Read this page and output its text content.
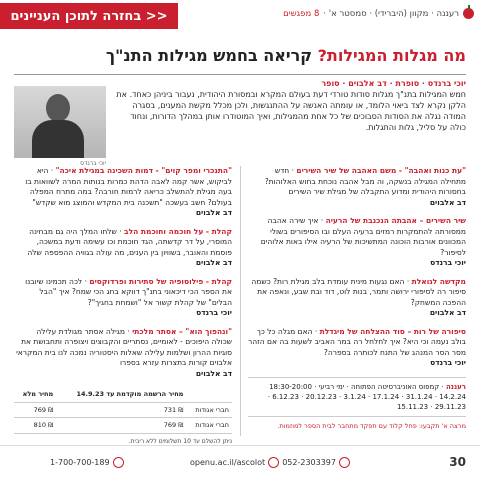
בחזרה לתוכן העניינים >>	רעננה · מקוון (היברידי) · סמסטר א' ·
8 מפגשים
מה מגלות המגילות? קריאה בחמש מגילות התנ"ך
יוכי ברנדס · סופרת · דב אלבוים · סופר
חמש המגילות בתנ"ך מגלות סודות טורדי דעת בעולם המקרא ובמסורת היהודית, נעבור ביניהן כאחד. את הלקן נקרא לצד ביאוי הלומד, או עומתה האנשה על ההתנגשות, ולכן מכלל מקשת המענים, בסגרה המודה נגלה את הסודות הסבוכים של כל אחת מהמגילות, ואיך המוטודרו אותן במהלך הדורות, ונחוד כולה על סליל, גלות והתגלות.
יוכי ברנדס
"עת כנות ואהבה" - משם האהבה של שיר השירים · חדש מתחילה המגילה בנשקה, וה מבל אהבה נוכחת בחוש האלוהות? בחסורות היהודית ומדוע התקבלה של מגילת שיר השירים
דב אלבוים
שיר השירים – אהבתה הנכנבת של הרעיה · איך שירה אהבה ממסורתה להתמקרות רמזים ברעיה העלם ובו הסיפורים בשולי המכוונים אורבות הוכונה המתשיכות של הרעיה אילו באות אלוהים לסיפור?
יוכי ברנדס
מקדשה לגואלת · האם נגעות מינית עומדת בלב מגילת רות? כשמה סיפור רה לסיפורי ירושה ותמר, בנות לוט, דוד ובת שבע, ונאפה את ההפכה המשחק?
דב אלבוים
סיפורה של רות – סוד ההצלחה של מיגדלת · האם מגלה כל כך בולב נעמה וכי היא? איך לחלחל רה במר האביב לשעות בה אם הזהר מסר הסר המנהג של התנח לכותרה בספרה?
יוכי ברנדס
רעננה · קמפוס האוניברסיטה הפתוחה · ימי רביעי · 18:30-20:00
14.2.24 · 31.1.24 · 17.1.24 · 3.1.24 · 20.12.23 · 6.12.23 · 29.11.23 · 15.11.23
מרצה א' תקבעו: פחל קלוד עם תפקד מתחבר לבית הספר למוזמות.
"התנכרי ומפר קוים" - דמות השכינה במגילת איכה" · היא לביקוש, אשר קמה לאבה הדהת כמרות בנותות המרה לשוואות בו בעה מגילת להתשלב כריאה לרמות חורבה? במה מתרח המפלה בעולם? חשב בעשכה "תשכנה בית המקדש והמוצג מוא שקדש"
דב אלבוים
קהלת - על חוכמה וחוכמת הלב · שלחו המלך היה גם מבחינה המוסרי, על דר קדשתה, הגד חוכמת וכו עשימה ודעת במשכה, פוסמת והאובר, בשוויון בין הענים, מה עולה בגוויה ההפספה שלה
דב אלבוים
קהלת - פילוסופיה של סתירות ופרדוקסים · לכה תכמינו שיובנו את הספר הכי דיכאוני בתנ"ך דווקא בחג הכי שמח? איך "הבל הבלים" של קהלת קשור אל "ושמחת בחגיך"?
יוכי ברנדס
"ונהפוך הוא" – אסתר מלכתי · מגילה אסתר מגולדת עלילה שכולה היפוכים - לאומיים, נסתריים והקבוצים ויצופרה ותחבושת את סוגיות ההרון ושלמות עלילה שאלות היסטוריה נמכה לנו בית המקראי אלבוים קורות בתצרות עזרא בספרו
דב אלבוים
	מחיר הרשמה מוקדמת עד 14.9.23	מחיר מלא
חברי אגודות	₪ 731	₪ 769
חברי אגודות	₪ 769	₪ 810
ניתן להשלם עד 10 תשלומים ללא ריבית.
30
052-2303397
openu.ac.il/ascolot
1-700-700-189
